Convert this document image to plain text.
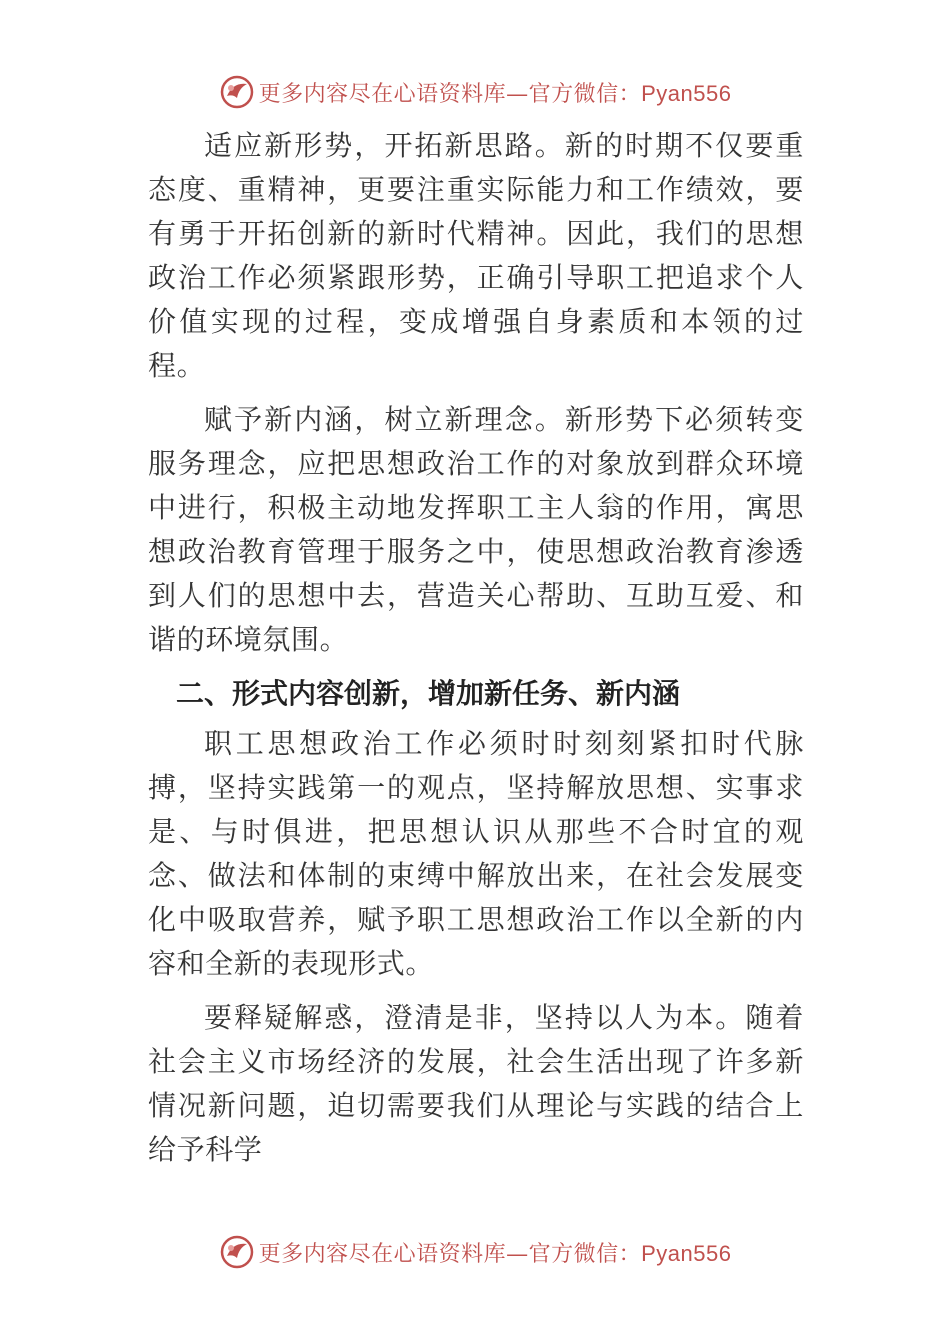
更多内容尽在心语资料库—官方微信：Pyan556

适应新形势，开拓新思路。新的时期不仅要重态度、重精神，更要注重实际能力和工作绩效，要有勇于开拓创新的新时代精神。因此，我们的思想政治工作必须紧跟形势，正确引导职工把追求个人价值实现的过程，变成增强自身素质和本领的过程。

赋予新内涵，树立新理念。新形势下必须转变服务理念，应把思想政治工作的对象放到群众环境中进行，积极主动地发挥职工主人翁的作用，寓思想政治教育管理于服务之中，使思想政治教育渗透到人们的思想中去，营造关心帮助、互助互爱、和谐的环境氛围。

二、形式内容创新，增加新任务、新内涵

职工思想政治工作必须时时刻刻紧扣时代脉搏，坚持实践第一的观点，坚持解放思想、实事求是、与时俱进，把思想认识从那些不合时宜的观念、做法和体制的束缚中解放出来，在社会发展变化中吸取营养，赋予职工思想政治工作以全新的内容和全新的表现形式。

要释疑解惑，澄清是非，坚持以人为本。随着社会主义市场经济的发展，社会生活出现了许多新情况新问题，迫切需要我们从理论与实践的结合上给予科学

更多内容尽在心语资料库—官方微信：Pyan556
